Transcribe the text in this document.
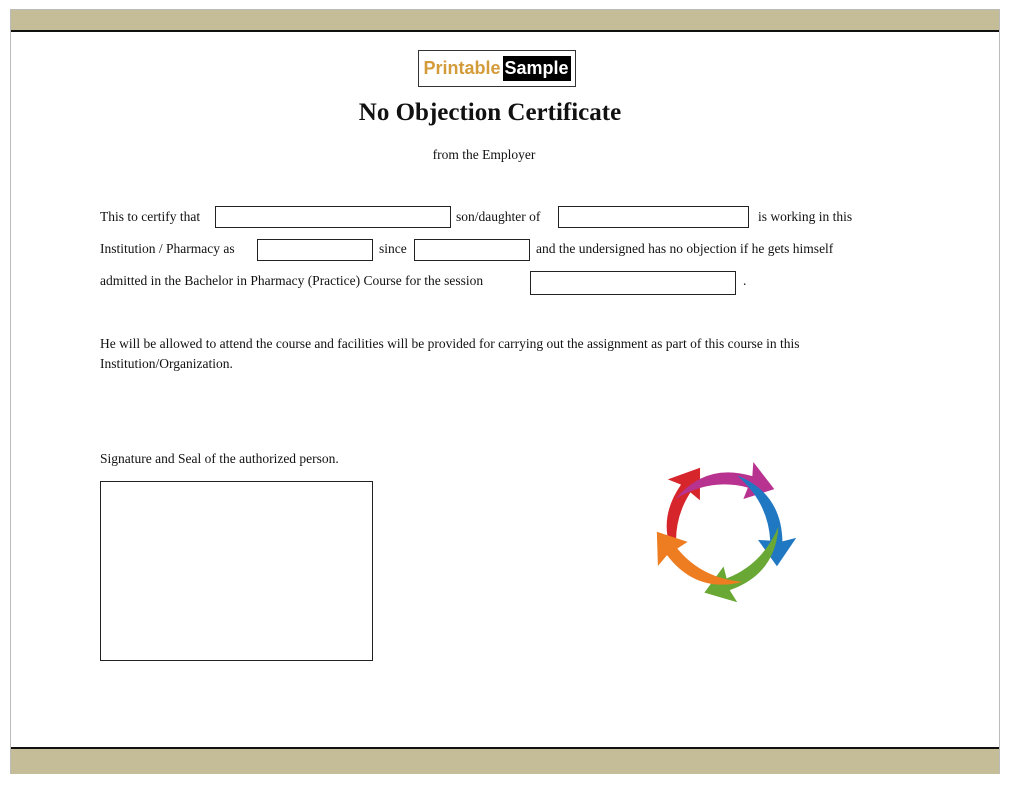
Printable Sample
No Objection Certificate
from the Employer
This to certify that	son/daughter of	is working in this
Institution / Pharmacy as	since	and the undersigned has no objection if he gets himself
admitted in the Bachelor in Pharmacy (Practice) Course for the session	.
He will be allowed to attend the course and facilities will be provided for carrying out the assignment as part of this course in this
Institution/Organization.
Signature and Seal of the authorized person.
